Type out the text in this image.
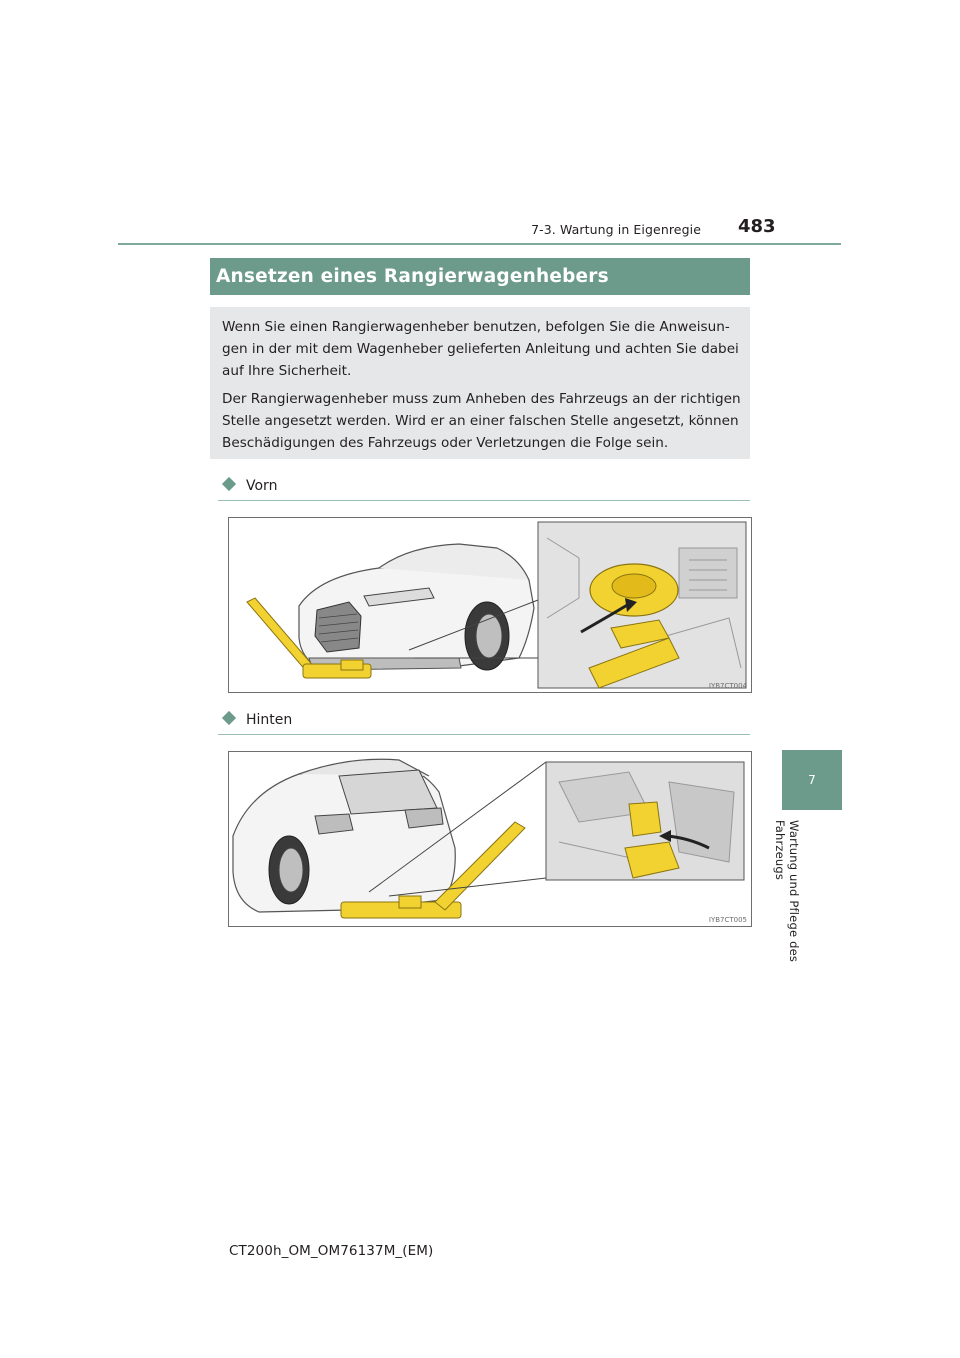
7-3. Wartung in Eigenregie 483
7
Wartung und Pflege des Fahrzeugs
Ansetzen eines Rangierwagenhebers
Wenn Sie einen Rangierwagenheber benutzen, befolgen Sie die Anweisun-
gen in der mit dem Wagenheber gelieferten Anleitung und achten Sie dabei
auf Ihre Sicherheit.
Der Rangierwagenheber muss zum Anheben des Fahrzeugs an der richtigen
Stelle angesetzt werden. Wird er an einer falschen Stelle angesetzt, können
Beschädigungen des Fahrzeugs oder Verletzungen die Folge sein.
Vorn
IYB7CT004
Hinten
IYB7CT005
CT200h_OM_OM76137M_(EM)
